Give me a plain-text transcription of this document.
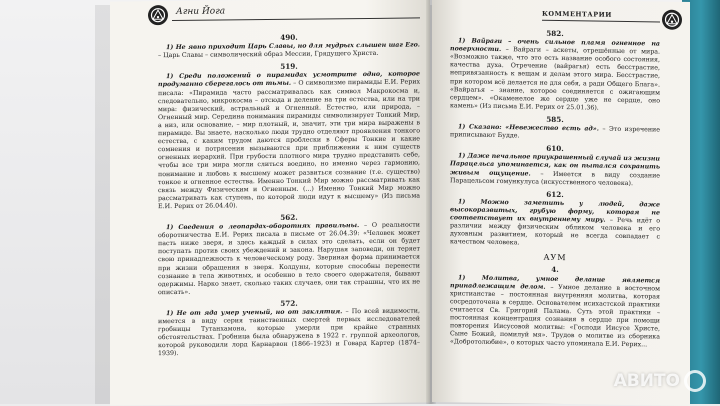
Агни Йога
490.

1) Не явно приходит Царь Славы, но для мудрых слышен шаг Его. – Царь Славы – символический образ Мессии, Грядущего Христа.

519.

1) Среди положений о пирамидах усмотрите одно, которое продуманно сберегалось от тьмы. – О символизме пирамиды Е.И. Рерих писала: «Пирамида часто рассматривалась как символ Макрокосма и, следовательно, микрокосма – отсюда и деление на три естества, или на три мира: физический, астральный и Огненный. Естество, или природа, – Огненный мир. Середина понимания пирамиды символизирует Тонкий Мир, а низ, или основание, – мир плотный, и, значит, эти три мира выражены в пирамиде. Вы знаете, насколько люди трудно отделяют проявления тонкого естества, с каким трудом даются проблески в Сферы Тонкие и какие сомнения и потрясения вызываются при приближении к ним существ огненных иерархий. При грубости плотного мира трудно представить себе, чтобы все три мира могли слиться воедино, но именно через гармонию, понимание и любовь к высшему может развиться сознание (т.е. существо) тонкое и огненное естества. Именно Тонкий Мир можно рассматривать как связь между Физическим и Огненным. (...) Именно Тонкий Мир можно рассматривать как ступень, по которой люди идут к высшему» (Из письма Е.И. Рерих от 26.04.40).

562.

1) Сведения о леопардах-оборотнях правильны. – О реальности оборотничества Е.И. Рерих писала в письме от 26.04.39: «Человек может пасть ниже зверя, и здесь каждый в силах это сделать, если он будет поступать против своих убеждений и закона. Нарушая заповеди, он теряет свою принадлежность к человеческому роду. Звериная форма принимается при жизни обращения в зверя. Колдуны, которые способны перенести сознание в тела животных, и особенно в тело своего одержателя, бывают одержимы. Нарко знает, сколько таких случаев, они так страшны, что их не описать».

572.

1) Не от яда умер ученый, но от заклятия. – По всей видимости, имеется в виду серия таинственных смертей первых исследователей гробницы Тутанхамона, которые умерли при крайне странных обстоятельствах. Гробница была обнаружена в 1922 г. группой археологов, которой руководили лорд Карнарвон (1866–1923) и Говард Картер (1874–1939).

КОММЕНТАРИИ
582.

1) Вайраги – очень сильное пламя огненное на поверхности. – Вайраги – аскеты, отрешённые от мира. «Возможно также, что это есть название особого состояния, качества духа. Отречение (вайрагья) есть бесстрастие, непривязанность к вещам и делам этого мира. Бесстрастие, при котором всё делается не для себя, а ради Общего Блага». «Вайрагья – знание, которое соединяется с ожигающим сердцем». «Окаменелое же сердце уже не сердце, оно камень» (Из письма Е.И. Рерих от 25.01.36).

585.

1) Сказано: «Невежество есть ад». – Это изречение приписывают Будде.

610.

1) Даже печальное приукрашенный случай из жизни Парацельса упоминается, как он пытался сохранить живым ощущение. – Имеется в виду создание Парацельсом гомункулуса (искусственного человека).

612.

1) Можно заметить у людей, даже высокоразвитых, грубую форму, которая не соответствует их внутреннему миру. – Речь идёт о различии между физическим обликом человека и его духовным развитием, который не всегда совпадает с качеством человека.

АУМ
4.

1) Молитва, умное делание является принадлежащим делом. – Умное делание в восточном христианстве – постоянная внутренняя молитва, которая сосредоточена в сердце. Основателем исихастской практики считается Св. Григорий Палама. Суть этой практики – постоянная концентрация сознания в сердце при помощи повторения Иисусовой молитвы: «Господи Иисусе Христе, Сыне Божий, помилуй мя». Трудов о молитве из сборника «Добротолюбие», о которых часто упоминала Е.И. Рерих...

АВИТО
